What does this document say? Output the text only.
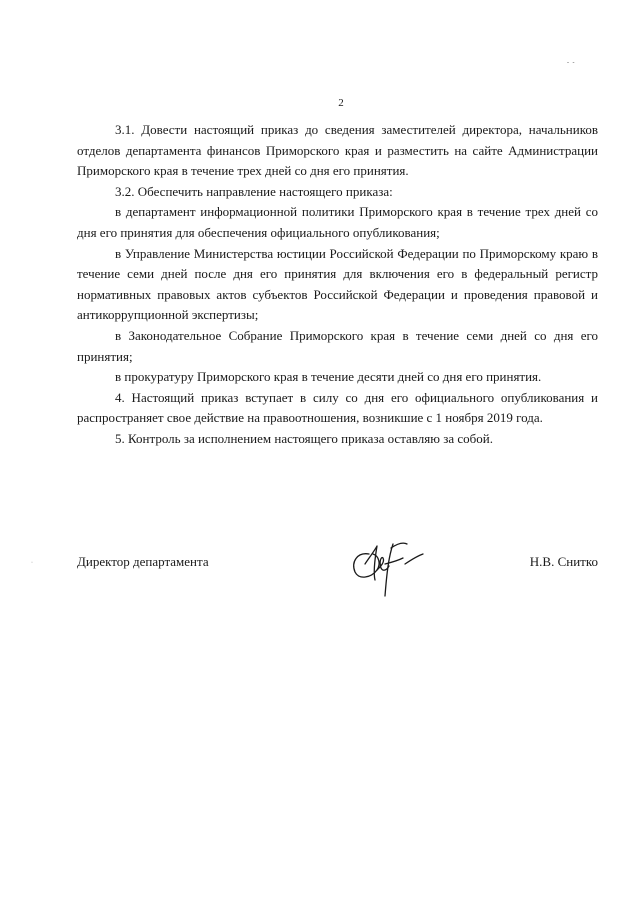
- -
·
2

3.1. Довести настоящий приказ до сведения заместителей директора, начальников отделов департамента финансов Приморского края и разместить на сайте Администрации Приморского края в течение трех дней со дня его принятия.

3.2. Обеспечить направление настоящего приказа:

в департамент информационной политики Приморского края в течение трех дней со дня его принятия для обеспечения официального опубликования;

в Управление Министерства юстиции Российской Федерации по Приморскому краю в течение семи дней после дня его принятия для включения его в федеральный регистр нормативных правовых актов субъектов Российской Федерации и проведения правовой и антикоррупционной экспертизы;

в Законодательное Собрание Приморского края в течение семи дней со дня его принятия;

в прокуратуру Приморского края в течение десяти дней со дня его принятия.

4. Настоящий приказ вступает в силу со дня его официального опубликования и распространяет свое действие на правоотношения, возникшие с 1 ноября 2019 года.

5. Контроль за исполнением настоящего приказа оставляю за собой.

Директор департамента	Н.В. Снитко
